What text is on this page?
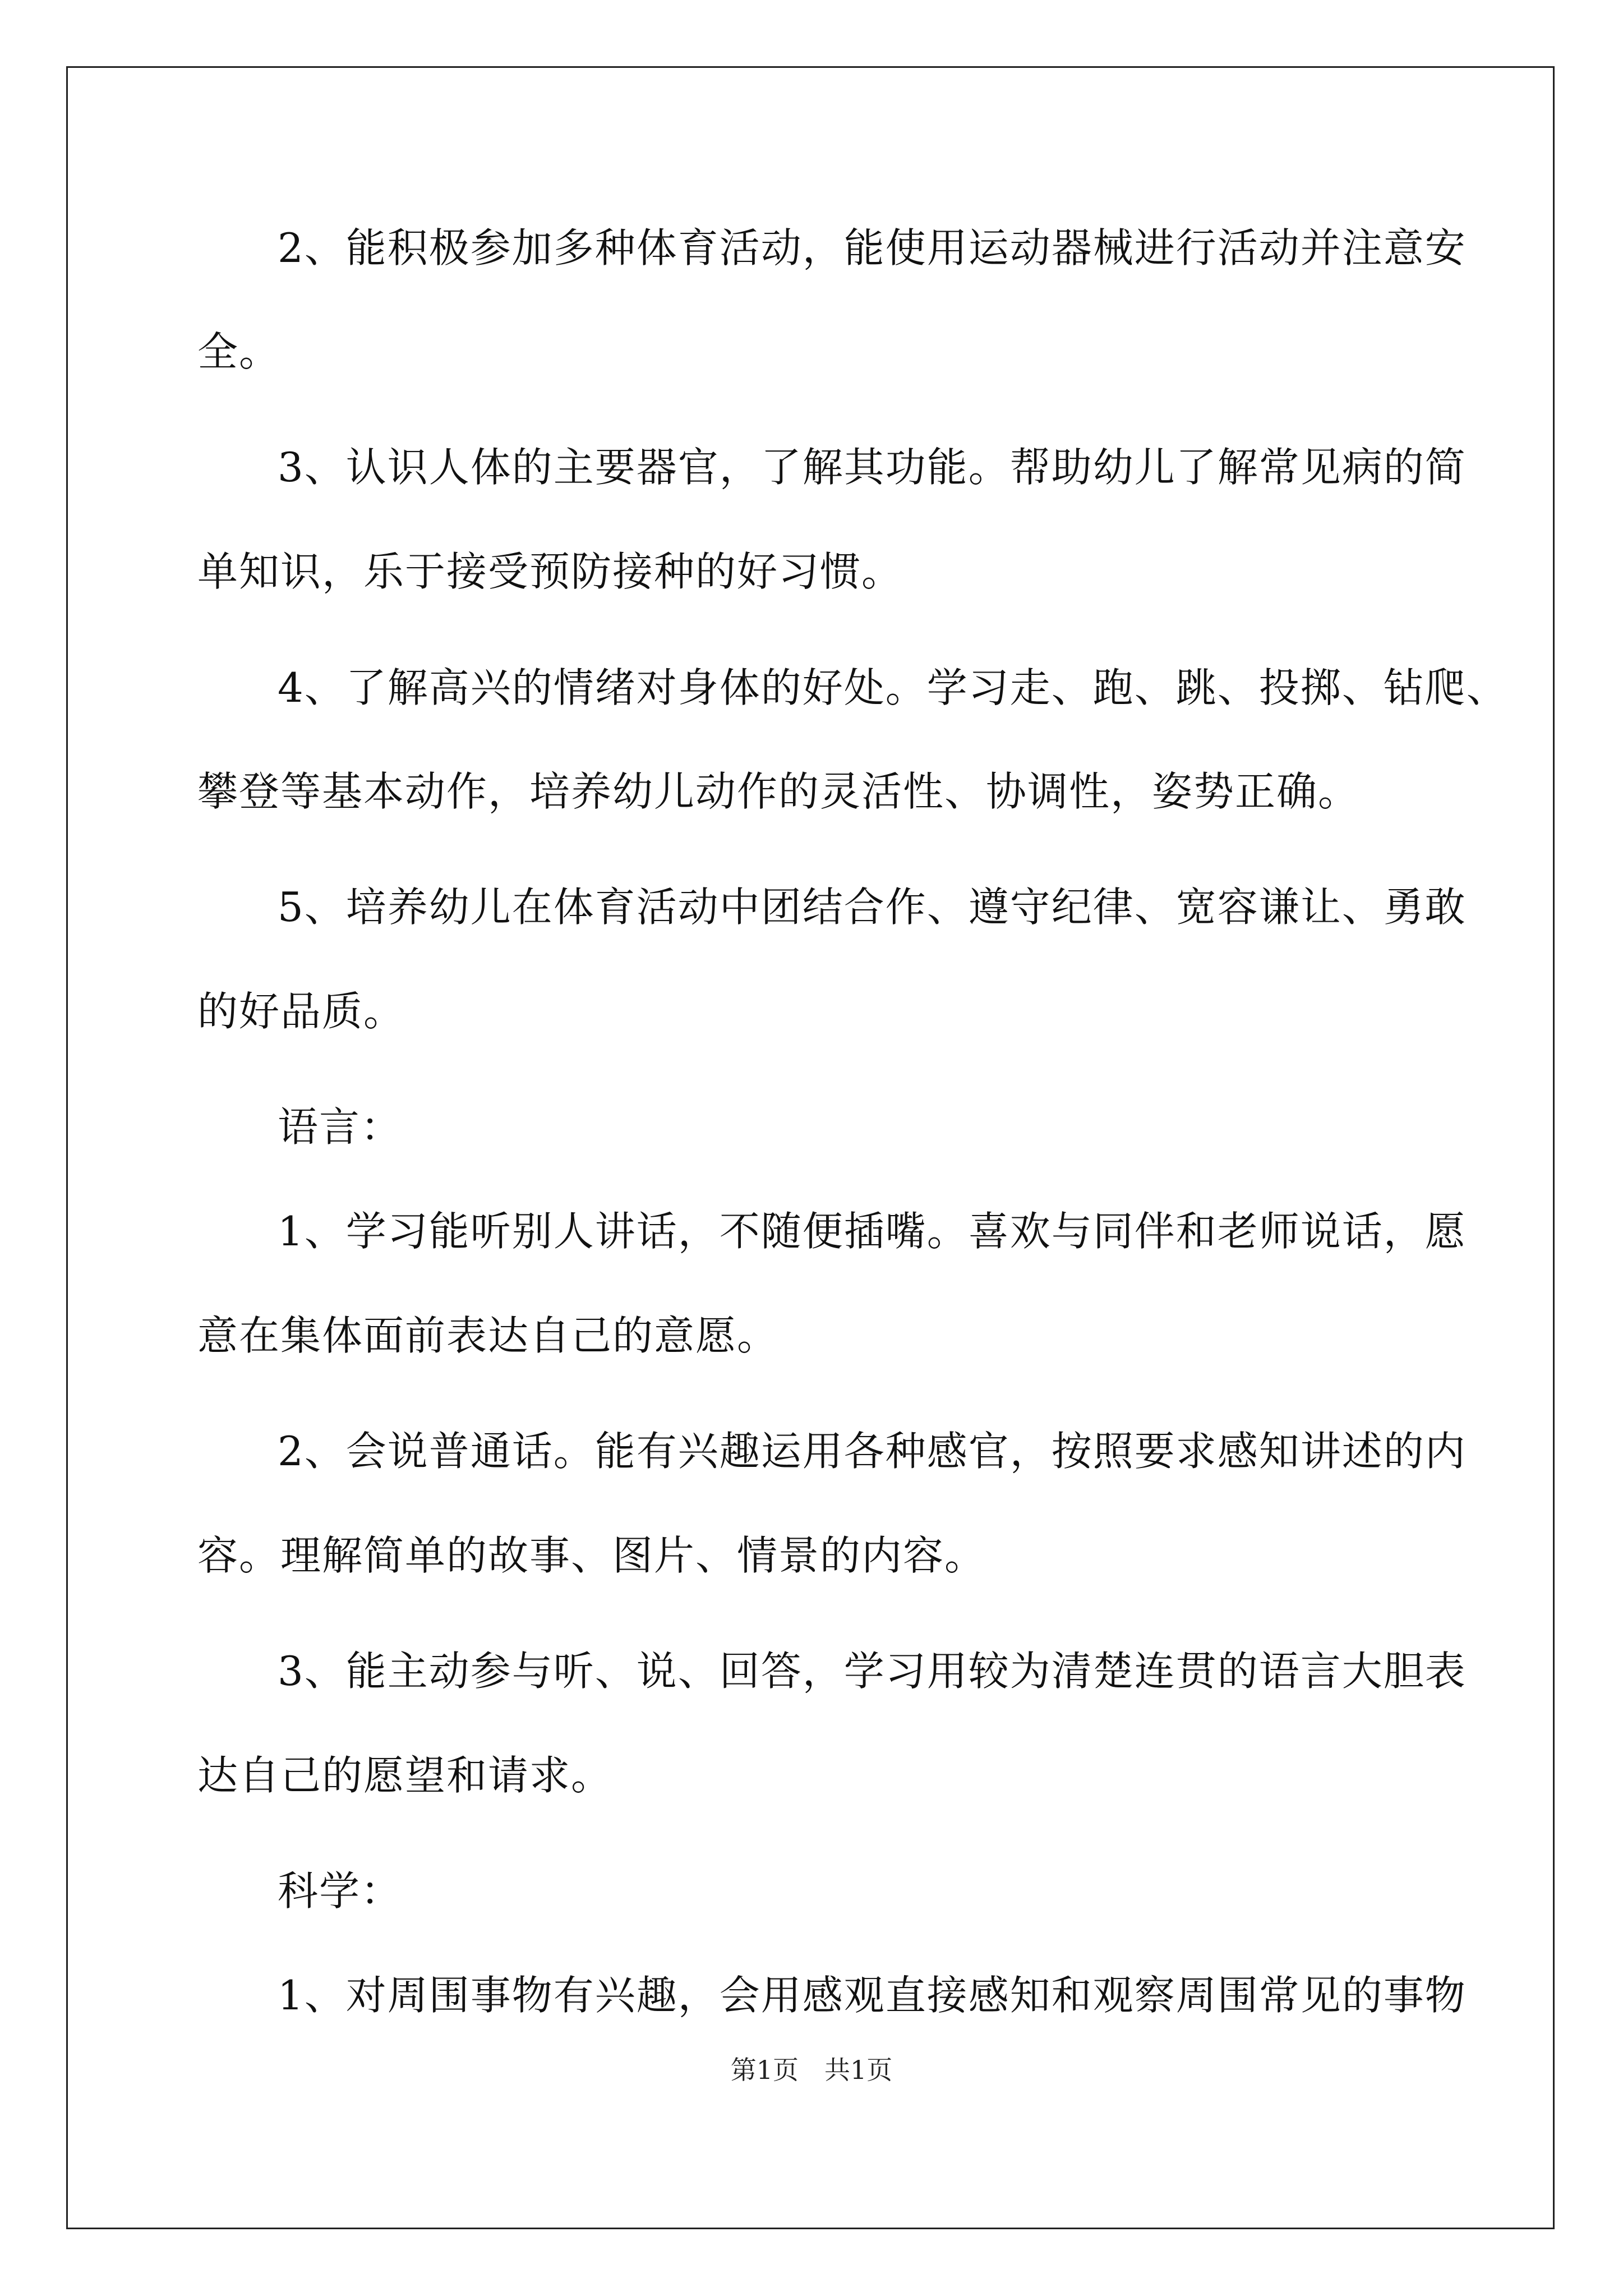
2、能积极参加多种体育活动，能使用运动器械进行活动并注意安
全。
3、认识人体的主要器官，了解其功能。帮助幼儿了解常见病的简
单知识，乐于接受预防接种的好习惯。
4、了解高兴的情绪对身体的好处。学习走、跑、跳、投掷、钻爬、
攀登等基本动作，培养幼儿动作的灵活性、协调性，姿势正确。
5、培养幼儿在体育活动中团结合作、遵守纪律、宽容谦让、勇敢
的好品质。
语言：
1、学习能听别人讲话，不随便插嘴。喜欢与同伴和老师说话，愿
意在集体面前表达自己的意愿。
2、会说普通话。能有兴趣运用各种感官，按照要求感知讲述的内
容。理解简单的故事、图片、情景的内容。
3、能主动参与听、说、回答，学习用较为清楚连贯的语言大胆表
达自己的愿望和请求。
科学：
1、对周围事物有兴趣，会用感观直接感知和观察周围常见的事物
第1页　共1页
